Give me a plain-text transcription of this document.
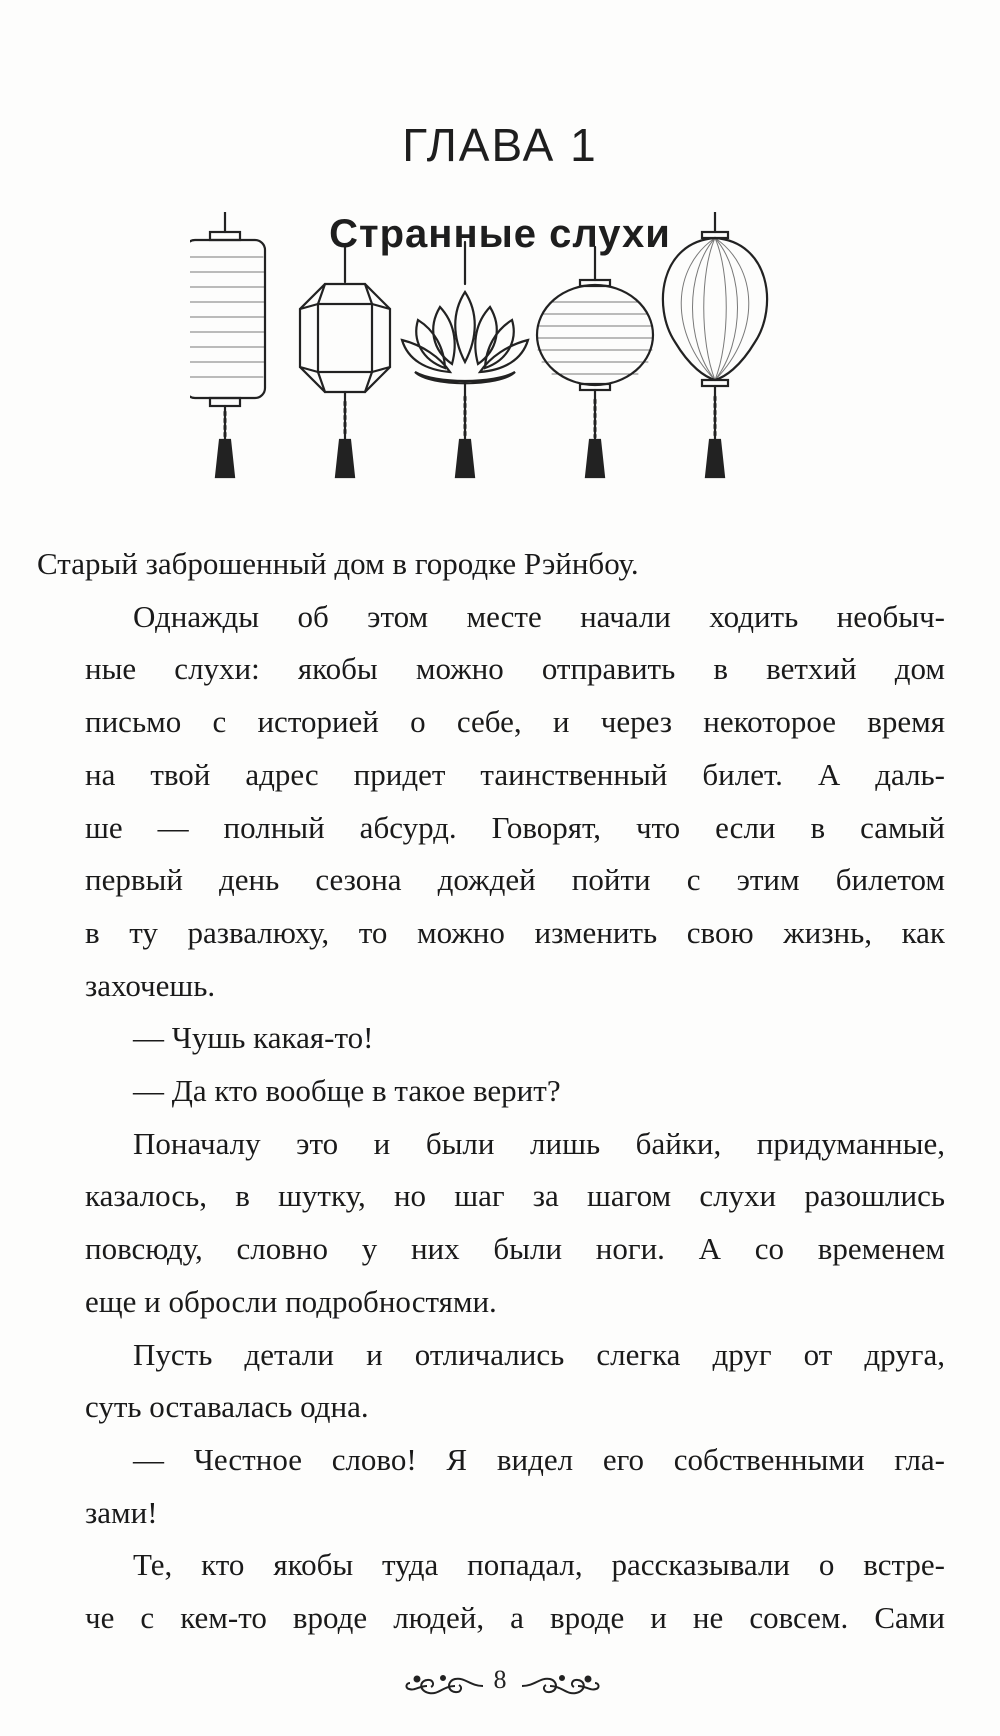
ГЛАВА 1
Странные слухи

Старый заброшенный дом в городке Рэйнбоу.

Однажды об этом месте начали ходить необыч-

ные слухи: якобы можно отправить в ветхий дом

письмо с историей о себе, и через некоторое время

на твой адрес придет таинственный билет. А даль-

ше — полный абсурд. Говорят, что если в самый

первый день сезона дождей пойти с этим билетом

в ту развалюху, то можно изменить свою жизнь, как

захочешь.

— Чушь какая-то!

— Да кто вообще в такое верит?

Поначалу это и были лишь байки, придуманные,

казалось, в шутку, но шаг за шагом слухи разошлись

повсюду, словно у них были ноги. А со временем

еще и обросли подробностями.

Пусть детали и отличались слегка друг от друга,

суть оставалась одна.

— Честное слово! Я видел его собственными гла-

зами!

Те, кто якобы туда попадал, рассказывали о встре-

че с кем-то вроде людей, а вроде и не совсем. Сами

8
